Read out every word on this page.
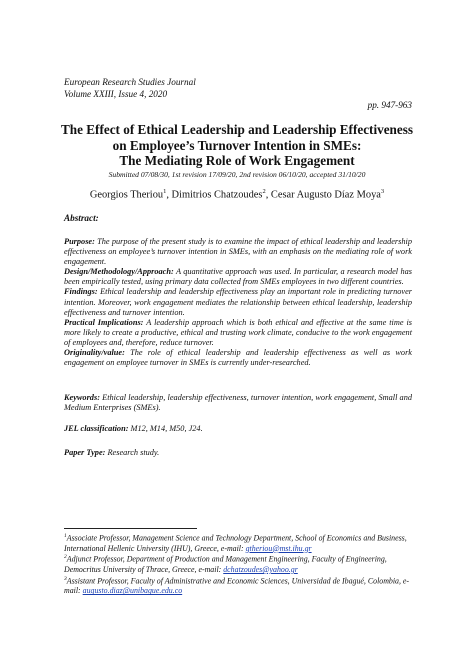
European Research Studies Journal
Volume XXIII, Issue 4, 2020
pp. 947-963
The Effect of Ethical Leadership and Leadership Effectiveness
on Employee’s Turnover Intention in SMEs:
The Mediating Role of Work Engagement
Submitted 07/08/30, 1st revision 17/09/20, 2nd revision 06/10/20, accepted 31/10/20
Georgios Theriou$^1$, Dimitrios Chatzoudes$^2$, Cesar Augusto Díaz Moya$^3$
Abstract:

Purpose: The purpose of the present study is to examine the impact of ethical leadership and leadership effectiveness on employee’s turnover intention in SMEs, with an emphasis on the mediating role of work engagement.

Design/Methodology/Approach: A quantitative approach was used. In particular, a research model has been empirically tested, using primary data collected from SMEs employees in two different countries.

Findings: Ethical leadership and leadership effectiveness play an important role in predicting turnover intention. Moreover, work engagement mediates the relationship between ethical leadership, leadership effectiveness and turnover intention.

Practical Implications: A leadership approach which is both ethical and effective at the same time is more likely to create a productive, ethical and trusting work climate, conducive to the work engagement of employees and, therefore, reduce turnover.

Originality/value: The role of ethical leadership and leadership effectiveness as well as work engagement on employee turnover in SMEs is currently under-researched.

Keywords: Ethical leadership, leadership effectiveness, turnover intention, work engagement, Small and Medium Enterprises (SMEs).
JEL classification: M12, M14, M50, J24.
Paper Type: Research study.

$^1$Associate Professor, Management Science and Technology Department, School of Economics and Business, International Hellenic University (IHU), Greece, e-mail: gtheriou@mst.ihu.gr

$^2$Adjunct Professor, Department of Production and Management Engineering, Faculty of Engineering, Democritus University of Thrace, Greece, e-mail: dchatzoudes@yahoo.gr

$^3$Assistant Professor, Faculty of Administrative and Economic Sciences, Universidad de Ibagué, Colombia, e-mail: augusto.diaz@unibague.edu.co
